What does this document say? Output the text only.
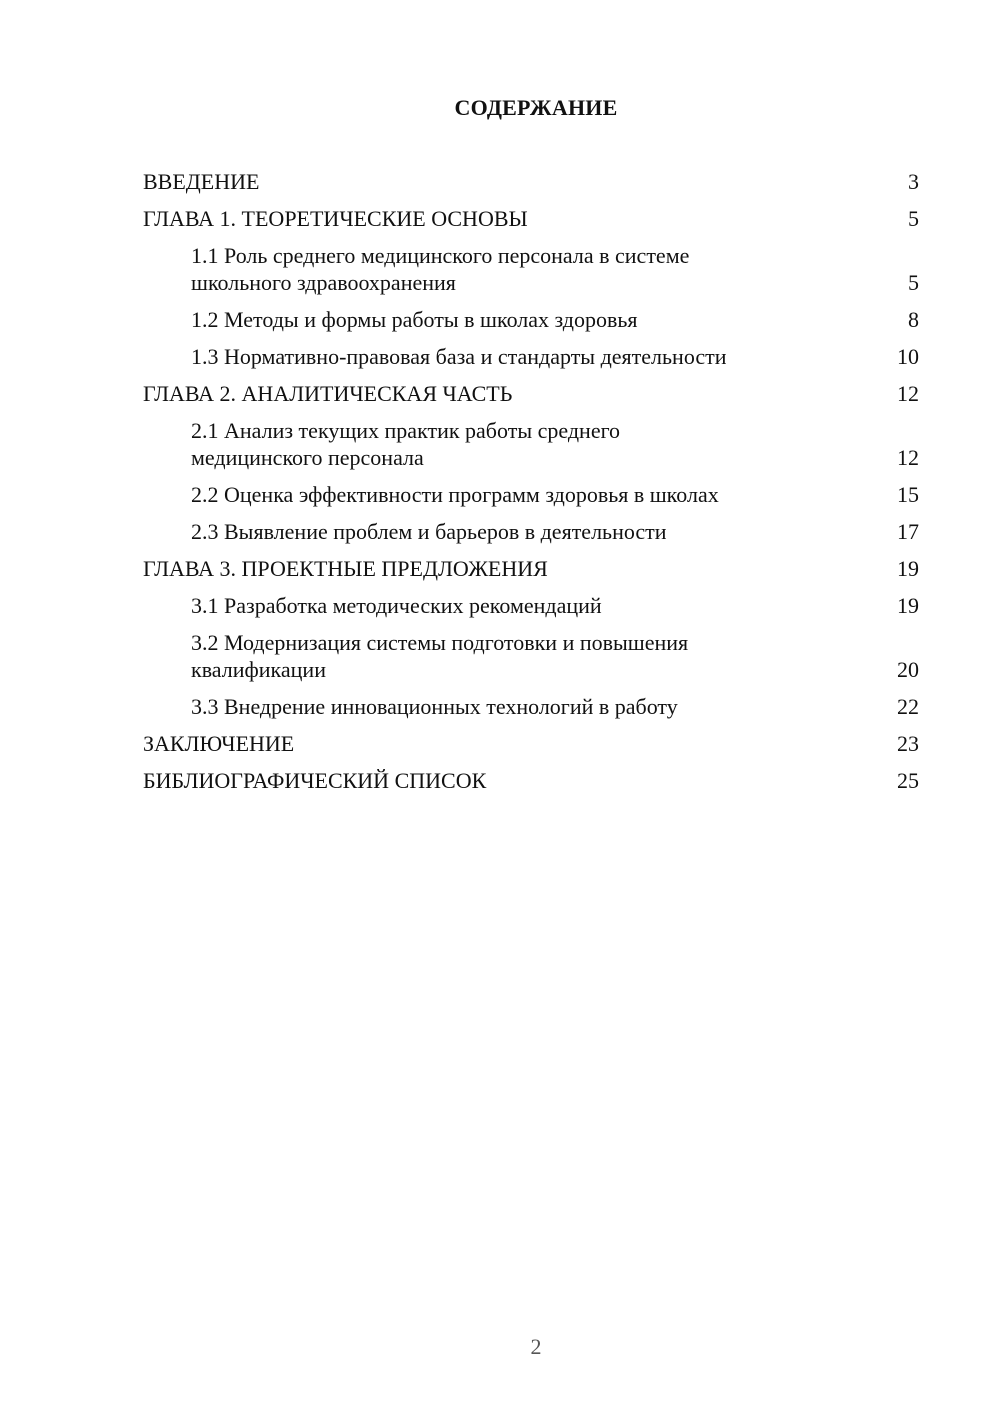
СОДЕРЖАНИЕ
ВВЕДЕНИЕ	3
ГЛАВА 1. ТЕОРЕТИЧЕСКИЕ ОСНОВЫ	5
1.1 Роль среднего медицинского персонала в системе
школьного здравоохранения	5
1.2 Методы и формы работы в школах здоровья	8
1.3 Нормативно-правовая база и стандарты деятельности	10
ГЛАВА 2. АНАЛИТИЧЕСКАЯ ЧАСТЬ	12
2.1 Анализ текущих практик работы среднего
медицинского персонала	12
2.2 Оценка эффективности программ здоровья в школах	15
2.3 Выявление проблем и барьеров в деятельности	17
ГЛАВА 3. ПРОЕКТНЫЕ ПРЕДЛОЖЕНИЯ	19
3.1 Разработка методических рекомендаций	19
3.2 Модернизация системы подготовки и повышения
квалификации	20
3.3 Внедрение инновационных технологий в работу	22
ЗАКЛЮЧЕНИЕ	23
БИБЛИОГРАФИЧЕСКИЙ СПИСОК	25
2
